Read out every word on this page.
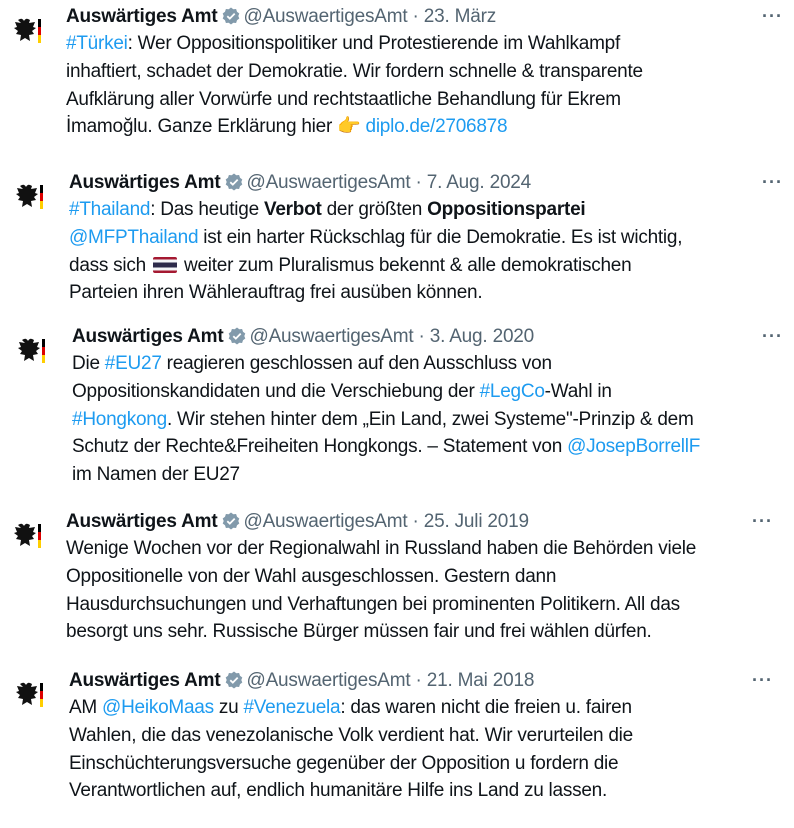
Auswärtiges Amt @AuswaertigesAmt · 23. März
#Türkei: Wer Oppositionspolitiker und Protestierende im Wahlkampf
inhaftiert, schadet der Demokratie. Wir fordern schnelle & transparente
Aufklärung aller Vorwürfe und rechtstaatliche Behandlung für Ekrem
İmamoğlu. Ganze Erklärung hier 👉 diplo.de/2706878
···
Auswärtiges Amt @AuswaertigesAmt · 7. Aug. 2024
#Thailand: Das heutige Verbot der größten Oppositionspartei
@MFPThailand ist ein harter Rückschlag für die Demokratie. Es ist wichtig,
dass sich  weiter zum Pluralismus bekennt & alle demokratischen
Parteien ihren Wählerauftrag frei ausüben können.
···
Auswärtiges Amt @AuswaertigesAmt · 3. Aug. 2020
Die #EU27 reagieren geschlossen auf den Ausschluss von
Oppositionskandidaten und die Verschiebung der #LegCo-Wahl in
#Hongkong. Wir stehen hinter dem „Ein Land, zwei Systeme"-Prinzip & dem
Schutz der Rechte&Freiheiten Hongkongs. – Statement von @JosepBorrellF
im Namen der EU27
···
Auswärtiges Amt @AuswaertigesAmt · 25. Juli 2019
Wenige Wochen vor der Regionalwahl in Russland haben die Behörden viele
Oppositionelle von der Wahl ausgeschlossen. Gestern dann
Hausdurchsuchungen und Verhaftungen bei prominenten Politikern. All das
besorgt uns sehr. Russische Bürger müssen fair und frei wählen dürfen.
···
Auswärtiges Amt @AuswaertigesAmt · 21. Mai 2018
AM @HeikoMaas zu #Venezuela: das waren nicht die freien u. fairen
Wahlen, die das venezolanische Volk verdient hat. Wir verurteilen die
Einschüchterungsversuche gegenüber der Opposition u fordern die
Verantwortlichen auf, endlich humanitäre Hilfe ins Land zu lassen.
···
